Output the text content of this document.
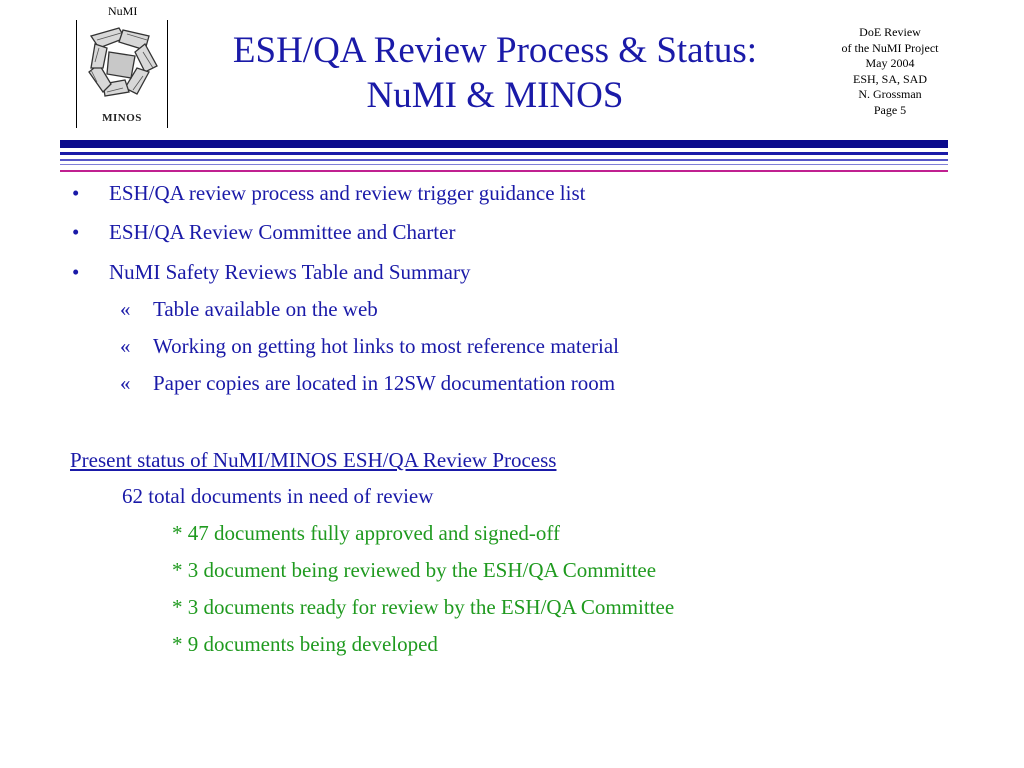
NuMI
MINOS
ESH/QA Review Process & Status:
NuMI & MINOS
DoE Review
of the NuMI Project
May 2004
ESH, SA, SAD
N. Grossman
Page 5
• ESH/QA review process and review trigger guidance list
• ESH/QA Review Committee and Charter
• NuMI Safety Reviews Table and Summary
« Table available on the web
« Working on getting hot links to most reference material
« Paper copies are located in 12SW documentation room
Present status of NuMI/MINOS ESH/QA Review Process
62 total documents in need of review
* 47 documents fully approved and signed-off
* 3 document being reviewed by the ESH/QA Committee
* 3 documents ready for review by the ESH/QA Committee
* 9 documents being developed
